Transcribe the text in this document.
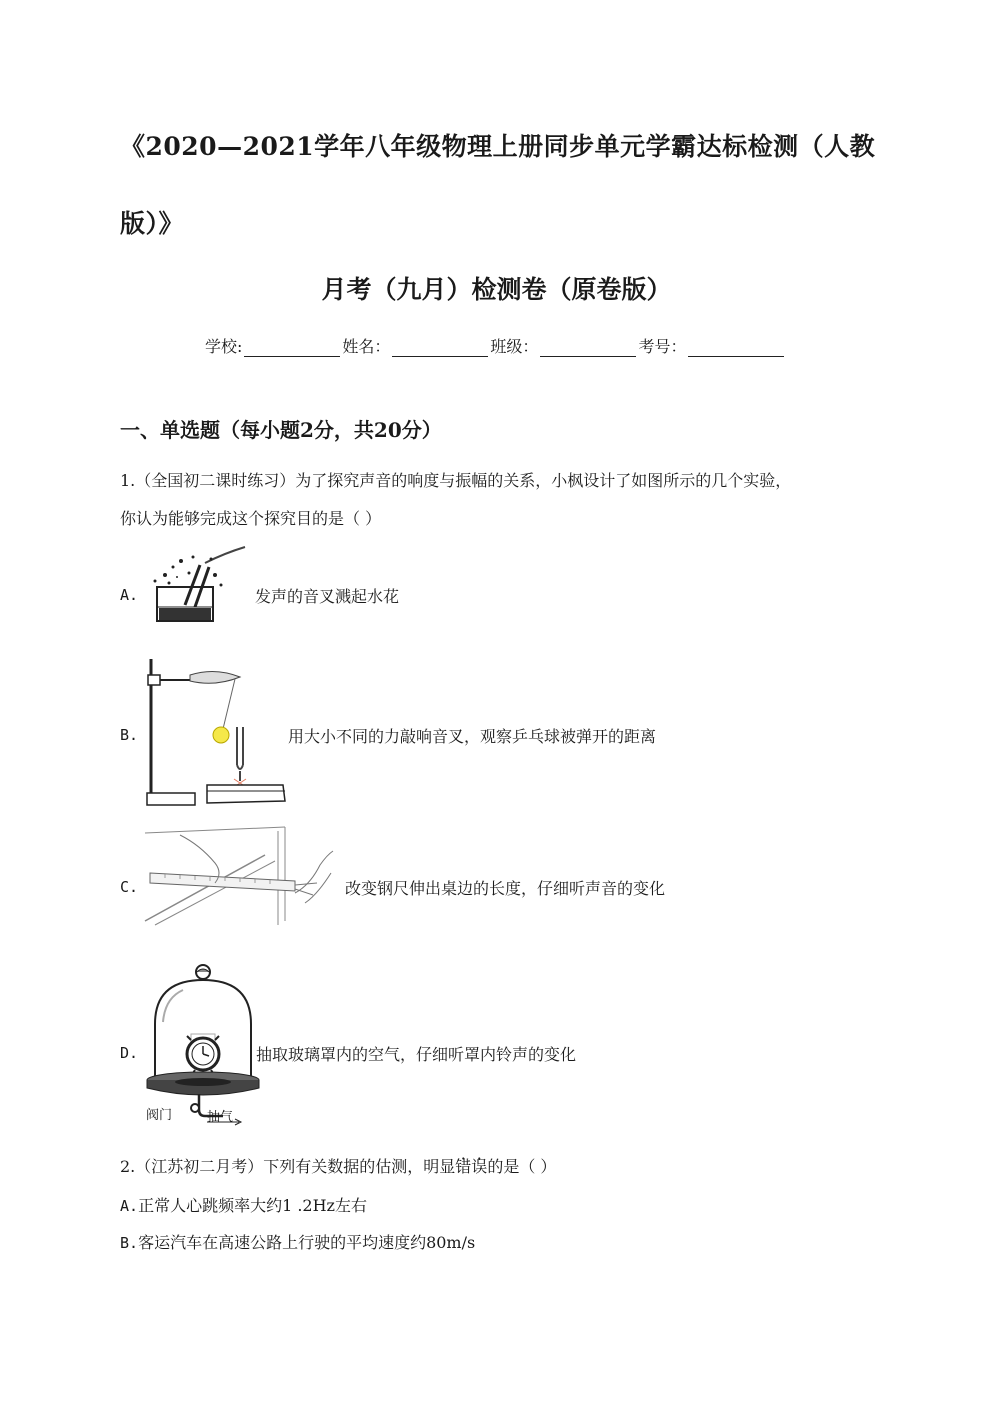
《2020—2021学年八年级物理上册同步单元学霸达标检测（人教
版）》
月考（九月）检测卷（原卷版）
学校:	姓名：	班级：	考号：
一、单选题（每小题2分，共20分）
1.（全国初二课时练习）为了探究声音的响度与振幅的关系，小枫设计了如图所示的几个实验，
你认为能够完成这个探究目的是（ ）
A.	发声的音叉溅起水花
B.	用大小不同的力敲响音叉，观察乒乓球被弹开的距离
C.	改变钢尺伸出桌边的长度，仔细听声音的变化
D.
阀门	抽气
抽取玻璃罩内的空气，仔细听罩内铃声的变化
2.（江苏初二月考）下列有关数据的估测，明显错误的是（ ）
A.正常人心跳频率大约1 .2Hz左右
B.客运汽车在高速公路上行驶的平均速度约80m/s
